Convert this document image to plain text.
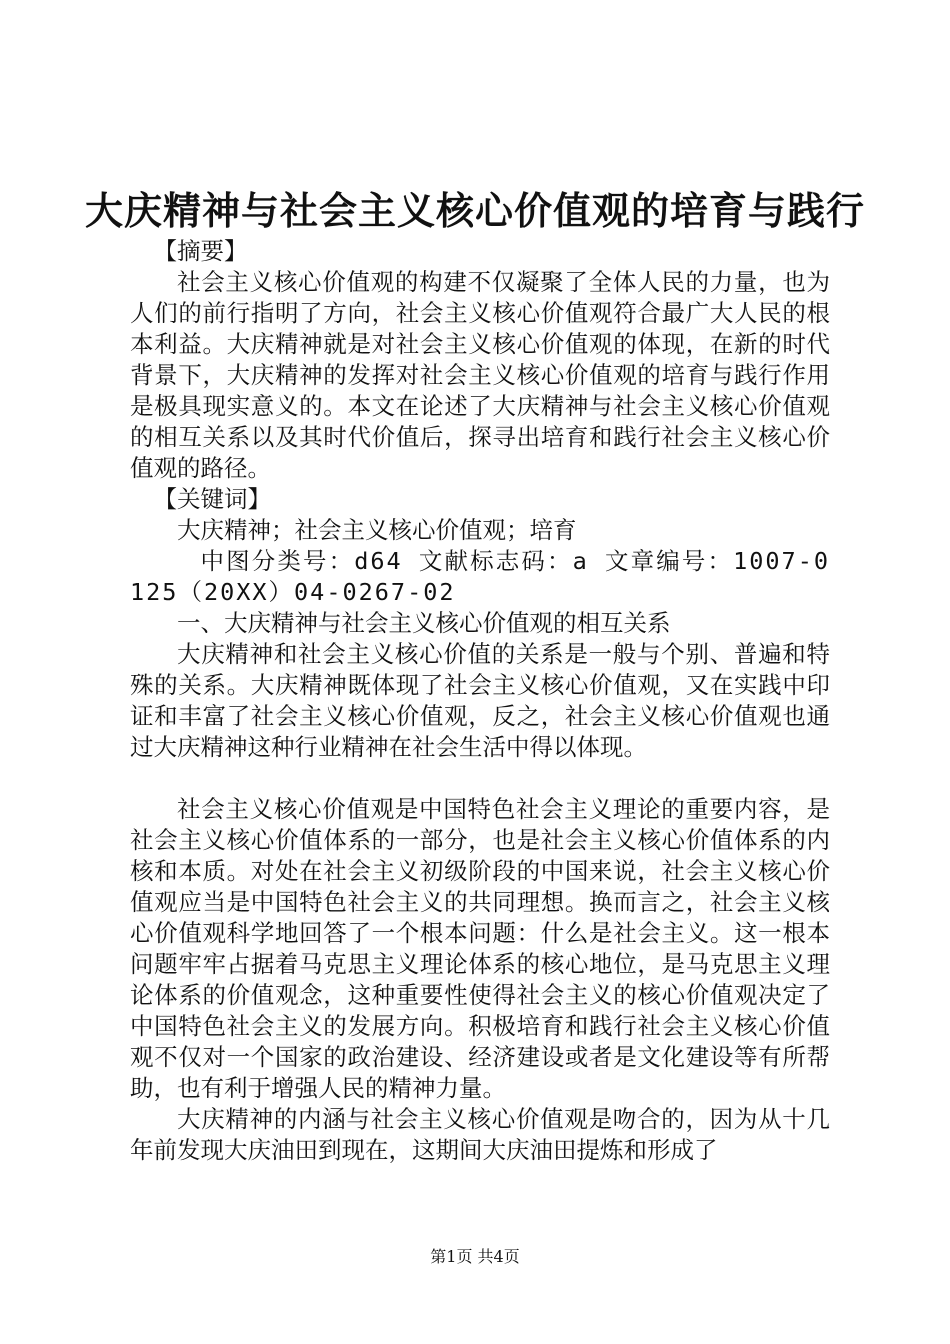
大庆精神与社会主义核心价值观的培育与践行

【摘要】

社会主义核心价值观的构建不仅凝聚了全体人民的力量，也为人们的前行指明了方向，社会主义核心价值观符合最广大人民的根本利益。大庆精神就是对社会主义核心价值观的体现，在新的时代背景下，大庆精神的发挥对社会主义核心价值观的培育与践行作用是极具现实意义的。本文在论述了大庆精神与社会主义核心价值观的相互关系以及其时代价值后，探寻出培育和践行社会主义核心价值观的路径。

【关键词】

大庆精神；社会主义核心价值观；培育

中图分类号：d64 文献标志码：a 文章编号：1007-0125（20XX）04-0267-02

一、大庆精神与社会主义核心价值观的相互关系

大庆精神和社会主义核心价值的关系是一般与个别、普遍和特殊的关系。大庆精神既体现了社会主义核心价值观，又在实践中印证和丰富了社会主义核心价值观，反之，社会主义核心价值观也通过大庆精神这种行业精神在社会生活中得以体现。

社会主义核心价值观是中国特色社会主义理论的重要内容，是社会主义核心价值体系的一部分，也是社会主义核心价值体系的内核和本质。对处在社会主义初级阶段的中国来说，社会主义核心价值观应当是中国特色社会主义的共同理想。换而言之，社会主义核心价值观科学地回答了一个根本问题：什么是社会主义。这一根本问题牢牢占据着马克思主义理论体系的核心地位，是马克思主义理论体系的价值观念，这种重要性使得社会主义的核心价值观决定了中国特色社会主义的发展方向。积极培育和践行社会主义核心价值观不仅对一个国家的政治建设、经济建设或者是文化建设等有所帮助，也有利于增强人民的精神力量。

大庆精神的内涵与社会主义核心价值观是吻合的，因为从十几年前发现大庆油田到现在，这期间大庆油田提炼和形成了

第1页 共4页
